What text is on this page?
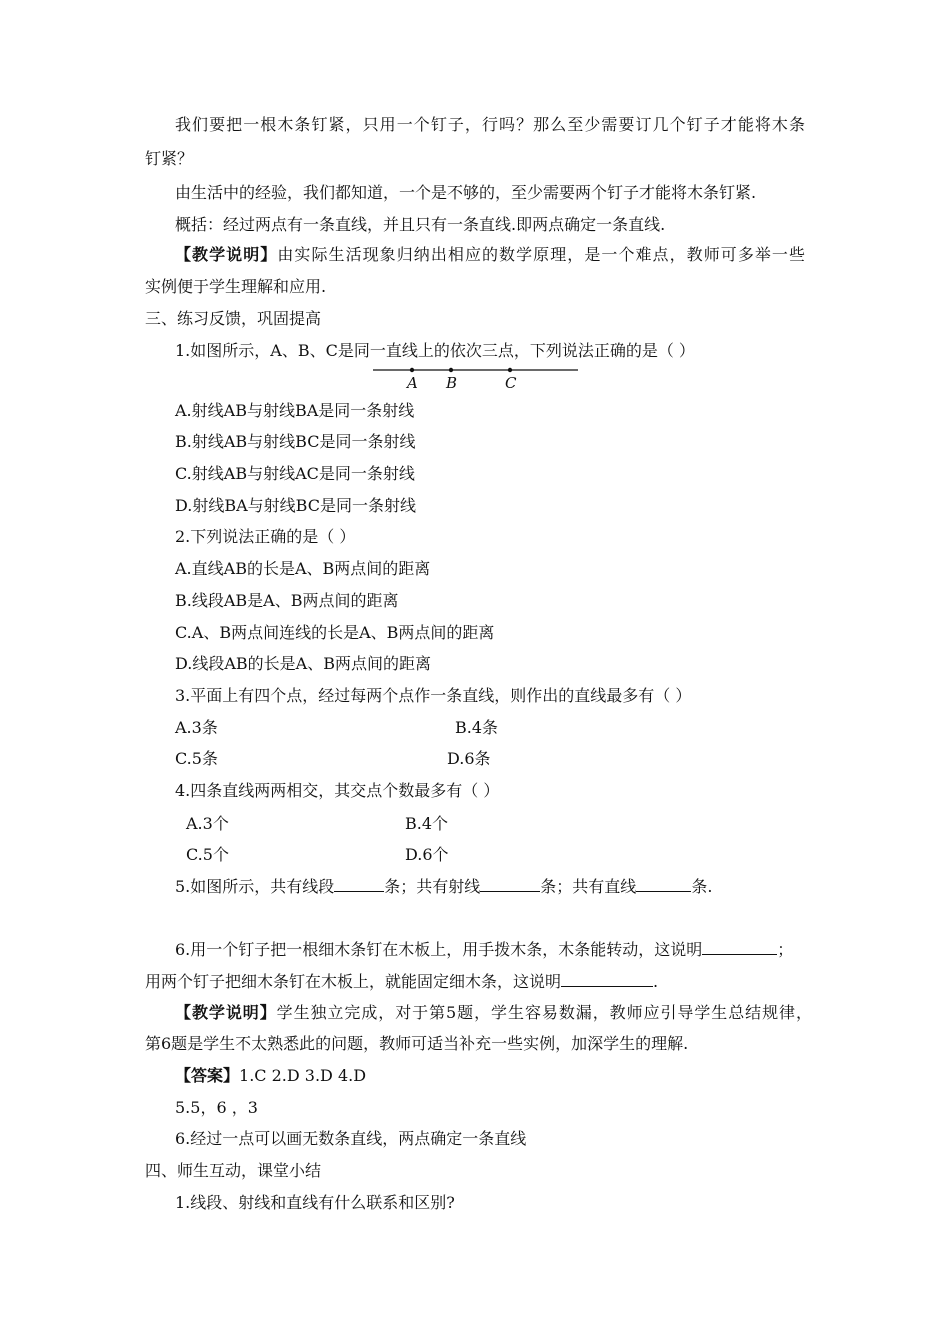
我们要把一根木条钉紧，只用一个钉子，行吗？那么至少需要订几个钉子才能将木条
钉紧？
由生活中的经验，我们都知道，一个是不够的，至少需要两个钉子才能将木条钉紧.
概括：经过两点有一条直线，并且只有一条直线.即两点确定一条直线.
【教学说明】由实际生活现象归纳出相应的数学原理，是一个难点，教师可多举一些
实例便于学生理解和应用.
三、练习反馈，巩固提高
1.如图所示，A、B、C是同一直线上的依次三点，下列说法正确的是（ ）
A B	C
A.射线AB与射线BA是同一条射线
B.射线AB与射线BC是同一条射线
C.射线AB与射线AC是同一条射线
D.射线BA与射线BC是同一条射线
2.下列说法正确的是（ ）
A.直线AB的长是A、B两点间的距离
B.线段AB是A、B两点间的距离
C.A、B两点间连线的长是A、B两点间的距离
D.线段AB的长是A、B两点间的距离
3.平面上有四个点，经过每两个点作一条直线，则作出的直线最多有（ ）
A.3条	B.4条
C.5条	D.6条
4.四条直线两两相交，其交点个数最多有（ ）
A.3个	B.4个
C.5个	D.6个
5.如图所示，共有线段	条；共有射线	条；共有直线	条.
6.用一个钉子把一根细木条钉在木板上，用手拨木条，木条能转动，这说明	；
用两个钉子把细木条钉在木板上，就能固定细木条，这说明	.
【教学说明】学生独立完成，对于第5题，学生容易数漏，教师应引导学生总结规律，
第6题是学生不太熟悉此的问题，教师可适当补充一些实例，加深学生的理解.
【答案】1.C 2.D 3.D 4.D
5.5，6 ，3
6.经过一点可以画无数条直线，两点确定一条直线
四、师生互动，课堂小结
1.线段、射线和直线有什么联系和区别?
